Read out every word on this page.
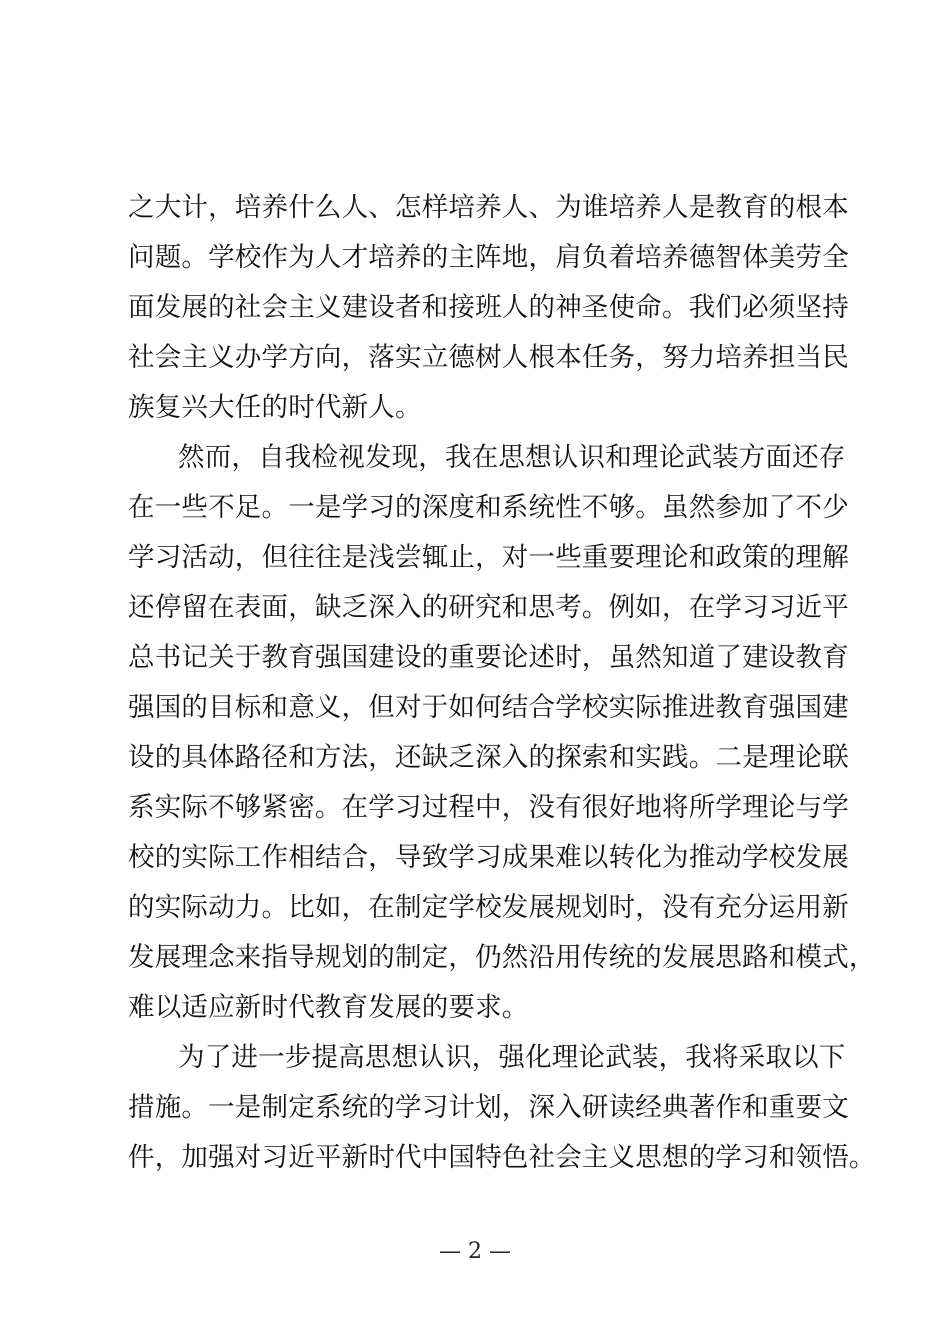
之大计，培养什么人、怎样培养人、为谁培养人是教育的根本
问题。学校作为人才培养的主阵地，肩负着培养德智体美劳全
面发展的社会主义建设者和接班人的神圣使命。我们必须坚持
社会主义办学方向，落实立德树人根本任务，努力培养担当民
族复兴大任的时代新人。
然而，自我检视发现，我在思想认识和理论武装方面还存
在一些不足。一是学习的深度和系统性不够。虽然参加了不少
学习活动，但往往是浅尝辄止，对一些重要理论和政策的理解
还停留在表面，缺乏深入的研究和思考。例如，在学习习近平
总书记关于教育强国建设的重要论述时，虽然知道了建设教育
强国的目标和意义，但对于如何结合学校实际推进教育强国建
设的具体路径和方法，还缺乏深入的探索和实践。二是理论联
系实际不够紧密。在学习过程中，没有很好地将所学理论与学
校的实际工作相结合，导致学习成果难以转化为推动学校发展
的实际动力。比如，在制定学校发展规划时，没有充分运用新
发展理念来指导规划的制定，仍然沿用传统的发展思路和模式，
难以适应新时代教育发展的要求。
为了进一步提高思想认识，强化理论武装，我将采取以下
措施。一是制定系统的学习计划，深入研读经典著作和重要文
件，加强对习近平新时代中国特色社会主义思想的学习和领悟。
— 2 —
